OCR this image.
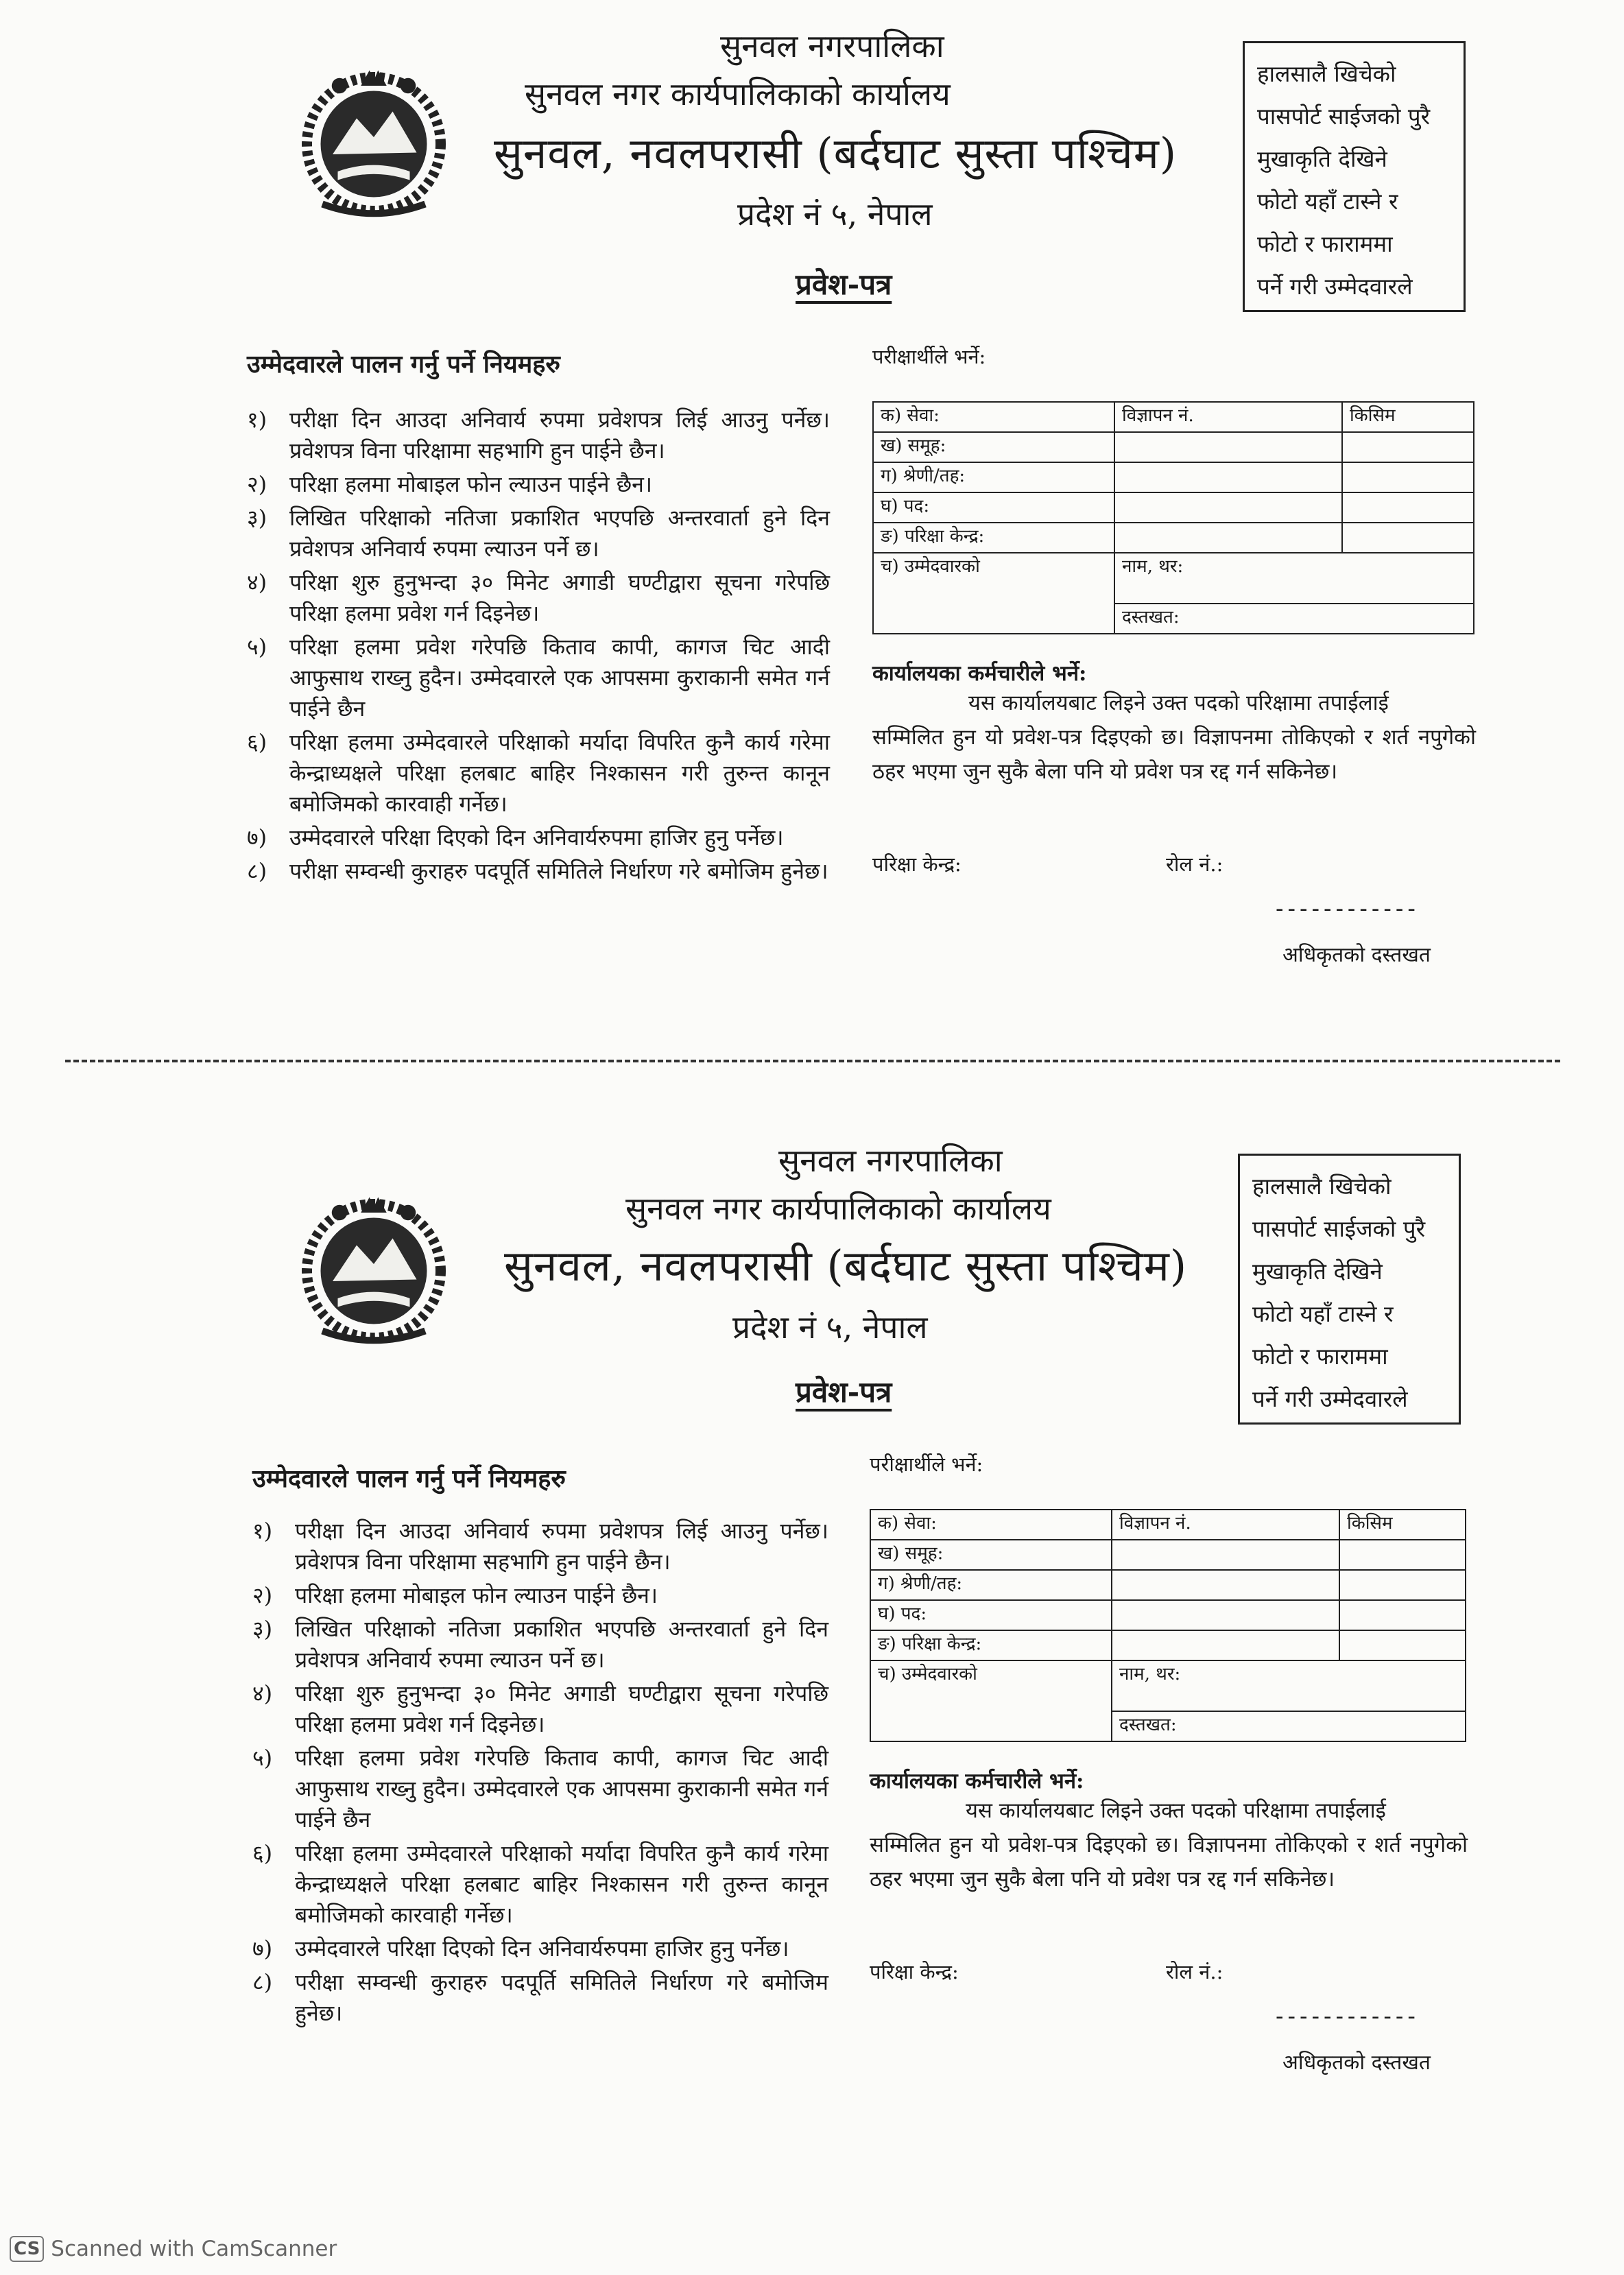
सुनवल नगरपालिका
सुनवल नगर कार्यपालिकाको कार्यालय
सुनवल, नवलपरासी (बर्दघाट सुस्ता पश्चिम)
प्रदेश नं ५, नेपाल
प्रवेश-पत्र
हालसालै खिचेको
पासपोर्ट साईजको पुरै
मुखाकृति देखिने
फोटो यहाँ टास्ने र
फोटो र फाराममा
पर्ने गरी उम्मेदवारले
उम्मेदवारले पालन गर्नु पर्ने नियमहरु
१) परीक्षा दिन आउदा अनिवार्य रुपमा प्रवेशपत्र लिई आउनु पर्नेछ। प्रवेशपत्र विना परिक्षामा सहभागि हुन पाईने छैन।
२) परिक्षा हलमा मोबाइल फोन ल्याउन पाईने छैन।
३) लिखित परिक्षाको नतिजा प्रकाशित भएपछि अन्तरवार्ता हुने दिन प्रवेशपत्र अनिवार्य रुपमा ल्याउन पर्ने छ।
४) परिक्षा शुरु हुनुभन्दा ३० मिनेट अगाडी घण्टीद्वारा सूचना गरेपछि परिक्षा हलमा प्रवेश गर्न दिइनेछ।
५) परिक्षा हलमा प्रवेश गरेपछि किताव कापी, कागज चिट आदी आफुसाथ राख्नु हुदैन। उम्मेदवारले एक आपसमा कुराकानी समेत गर्न पाईने छैन
६) परिक्षा हलमा उम्मेदवारले परिक्षाको मर्यादा विपरित कुनै कार्य गरेमा केन्द्राध्यक्षले परिक्षा हलबाट बाहिर निश्कासन गरी तुरुन्त कानून बमोजिमको कारवाही गर्नेछ।
७) उम्मेदवारले परिक्षा दिएको दिन अनिवार्यरुपमा हाजिर हुनु पर्नेछ।
८) परीक्षा सम्वन्धी कुराहरु पदपूर्ति समितिले निर्धारण गरे बमोजिम हुनेछ।
परीक्षार्थीले भर्ने:
क) सेवा:	विज्ञापन नं.	किसिम
ख) समूह:		
ग) श्रेणी/तह:		
घ) पद:		
ङ) परिक्षा केन्द्र:		
च) उम्मेदवारको	नाम, थर:	
	दस्तखत:	
कार्यालयका कर्मचारीले भर्ने:
यस कार्यालयबाट लिइने उक्त पदको परिक्षामा तपाईलाई
सम्मिलित हुन यो प्रवेश-पत्र दिइएको छ। विज्ञापनमा तोकिएको र शर्त नपुगेको ठहर भएमा जुन सुकै बेला पनि यो प्रवेश पत्र रद्द गर्न सकिनेछ।
परिक्षा केन्द्र:	रोल नं.:
------------
अधिकृतको दस्तखत
सुनवल नगरपालिका
सुनवल नगर कार्यपालिकाको कार्यालय
सुनवल, नवलपरासी (बर्दघाट सुस्ता पश्चिम)
प्रदेश नं ५, नेपाल
प्रवेश-पत्र
हालसालै खिचेको
पासपोर्ट साईजको पुरै
मुखाकृति देखिने
फोटो यहाँ टास्ने र
फोटो र फाराममा
पर्ने गरी उम्मेदवारले
उम्मेदवारले पालन गर्नु पर्ने नियमहरु
१) परीक्षा दिन आउदा अनिवार्य रुपमा प्रवेशपत्र लिई आउनु पर्नेछ। प्रवेशपत्र विना परिक्षामा सहभागि हुन पाईने छैन।
२) परिक्षा हलमा मोबाइल फोन ल्याउन पाईने छैन।
३) लिखित परिक्षाको नतिजा प्रकाशित भएपछि अन्तरवार्ता हुने दिन प्रवेशपत्र अनिवार्य रुपमा ल्याउन पर्ने छ।
४) परिक्षा शुरु हुनुभन्दा ३० मिनेट अगाडी घण्टीद्वारा सूचना गरेपछि परिक्षा हलमा प्रवेश गर्न दिइनेछ।
५) परिक्षा हलमा प्रवेश गरेपछि किताव कापी, कागज चिट आदी आफुसाथ राख्नु हुदैन। उम्मेदवारले एक आपसमा कुराकानी समेत गर्न पाईने छैन
६) परिक्षा हलमा उम्मेदवारले परिक्षाको मर्यादा विपरित कुनै कार्य गरेमा केन्द्राध्यक्षले परिक्षा हलबाट बाहिर निश्कासन गरी तुरुन्त कानून बमोजिमको कारवाही गर्नेछ।
७) उम्मेदवारले परिक्षा दिएको दिन अनिवार्यरुपमा हाजिर हुनु पर्नेछ।
८) परीक्षा सम्वन्धी कुराहरु पदपूर्ति समितिले निर्धारण गरे बमोजिम हुनेछ।
परीक्षार्थीले भर्ने:
क) सेवा:	विज्ञापन नं.	किसिम
ख) समूह:		
ग) श्रेणी/तह:		
घ) पद:		
ङ) परिक्षा केन्द्र:		
च) उम्मेदवारको	नाम, थर:	
	दस्तखत:	
कार्यालयका कर्मचारीले भर्ने:
यस कार्यालयबाट लिइने उक्त पदको परिक्षामा तपाईलाई
सम्मिलित हुन यो प्रवेश-पत्र दिइएको छ। विज्ञापनमा तोकिएको र शर्त नपुगेको ठहर भएमा जुन सुकै बेला पनि यो प्रवेश पत्र रद्द गर्न सकिनेछ।
परिक्षा केन्द्र:	रोल नं.:
------------
अधिकृतको दस्तखत
CS Scanned with CamScanner
